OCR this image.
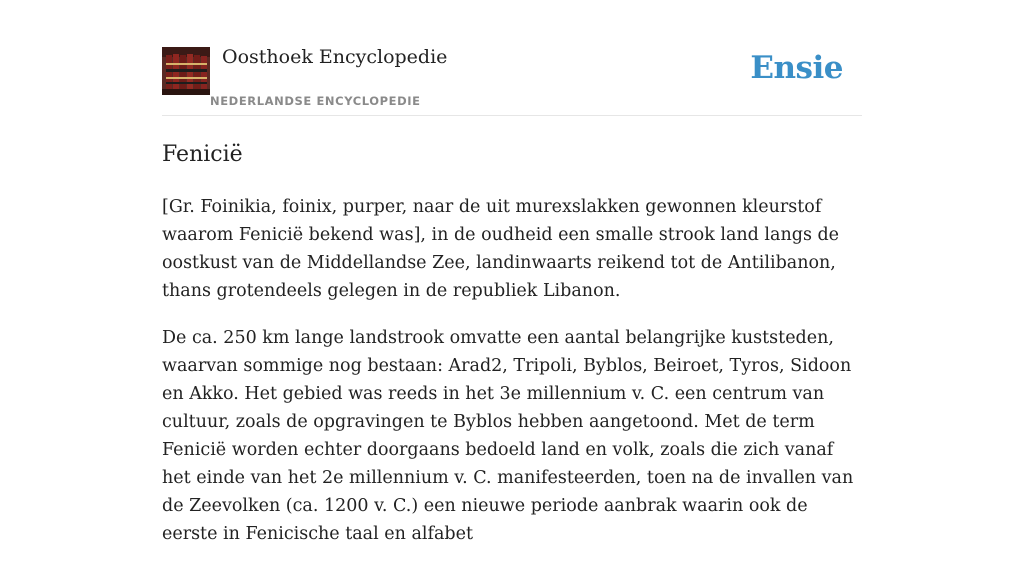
Oosthoek Encyclopedie
NEDERLANDSE ENCYCLOPEDIE
Ensie
Fenicië

[Gr. Foinikia, foinix, purper, naar de uit murexslakken gewonnen kleurstof waarom Fenicië bekend was], in de oudheid een smalle strook land langs de oostkust van de Middellandse Zee, landinwaarts reikend tot de Antilibanon, thans grotendeels gelegen in de republiek Libanon.

De ca. 250 km lange landstrook omvatte een aantal belangrijke kuststeden, waarvan sommige nog bestaan: Arad2, Tripoli, Byblos, Beiroet, Tyros, Sidoon en Akko. Het gebied was reeds in het 3e millennium v. C. een centrum van cultuur, zoals de opgravingen te Byblos hebben aangetoond. Met de term Fenicië worden echter doorgaans bedoeld land en volk, zoals die zich vanaf het einde van het 2e millennium v. C. manifesteerden, toen na de invallen van de Zeevolken (ca. 1200 v. C.) een nieuwe periode aanbrak waarin ook de eerste in Fenicische taal en alfabet
